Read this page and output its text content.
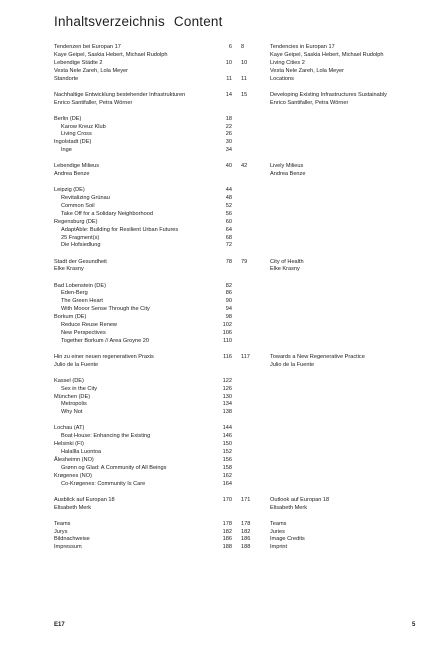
Inhaltsverzeichnis Content
Tendenzen bei Europan 17	6 8	Tendencies in Europan 17
Kaye Geipel, Saskia Hebert, Michael Rudolph	Kaye Geipel, Saskia Hebert, Michael Rudolph
Lebendige Städte 2	10 10	Living Cities 2
Vesta Nele Zareh, Lola Meyer	Vesta Nele Zareh, Lola Meyer
Standorte	11 11	Locations
Nachhaltige Entwicklung bestehender Infrastrukturen	14 15	Developing Existing Infrastructures Sustainably
Enrico Santifaller, Petra Wörner	Enrico Santifaller, Petra Wörner
Berlin (DE)	18
Karow Kreuz Klub	22
Living Cross	26
Ingolstadt (DE)	30
Inge	34
Lebendige Milieus	40 42	Lively Milieus
Andrea Benze	Andrea Benze
Leipzig (DE)	44
Revitalizing Grünau	48
Common Soil	52
Take Off for a Solidary Neighborhood	56
Regensburg (DE)	60
AdaptAble: Building for Resilient Urban Futures	64
25 Fragment(s)	68
Die Hofsiedlung	72
Stadt der Gesundheit	78 79	City of Health
Elke Krasny	Elke Krasny
Bad Lobenstein (DE)	82
Eden-Berg	86
The Green Heart	90
With Mooor Sense Through the City	94
Borkum (DE)	98
Reduce Reuse Renew	102
New Perspectives	106
Together Borkum // Area Groyne 20	110
Hin zu einer neuen regenerativen Praxis	116 117	Towards a New Regenerative Practice
Julio de la Fuente	Julio de la Fuente
Kassel (DE)	122
Sex in the City	126
München (DE)	130
Metropolis	134
Why Not	138
Lochau (AT)	144
Boat House: Enhancing the Existing	146
Helsinki (FI)	150
Halallla Luontoa	152
Ålesheimn (NO)	156
Grønn og Glad: A Community of All Beings	158
Krøgenes (NO)	162
Co-Krøgenes: Community Is Care	164
Ausblick auf Europan 18	170 171	Outlook auf Europan 18
Elisabeth Merk	Elisabeth Merk
Teams	178 178	Teams
Jurys	182 182	Juries
Bildnachweise	186 186	Image Credits
Impressum	188 188	Imprint
E17	5
